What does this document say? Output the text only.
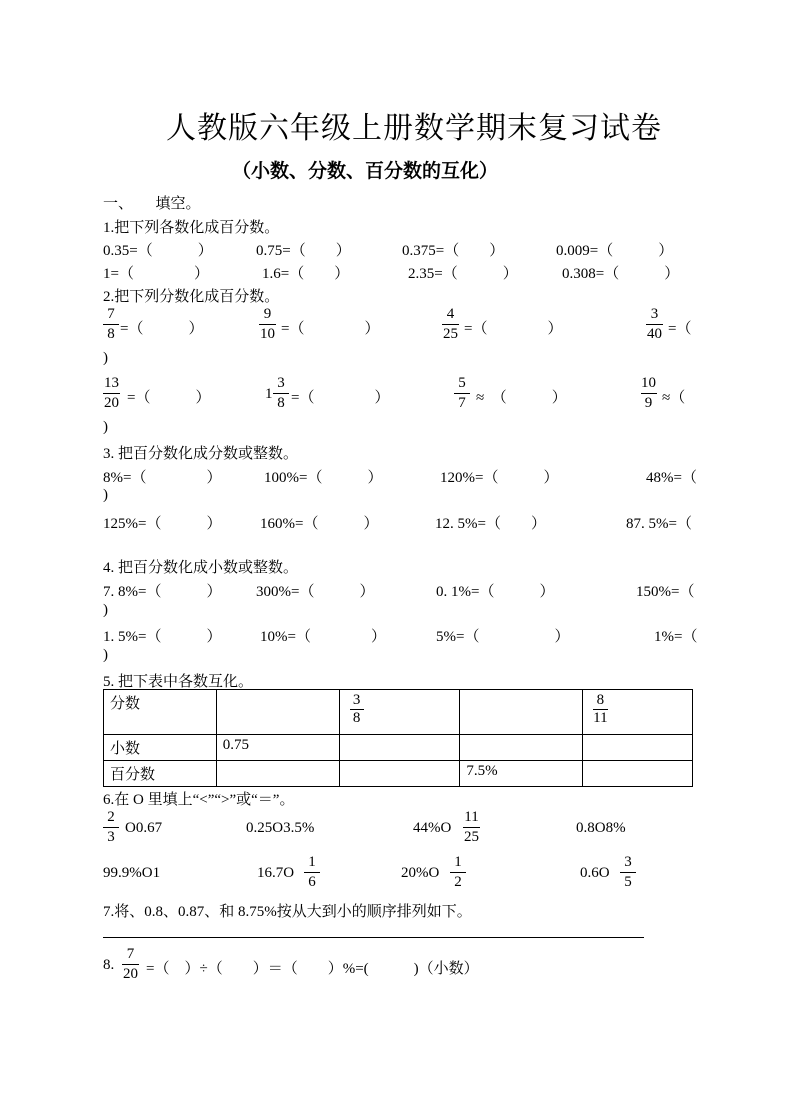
人教版六年级上册数学期末复习试卷
（小数、分数、百分数的互化）
一、　　填空。
1.把下列各数化成百分数。
0.35=（　　　）	0.75=（　　）	0.375=（　　）	0.009=（　　　）
1=（　　　　）	1.6=（　　）	2.35=（　　　）	0.308=（　　　）
2.把下列分数化成百分数。
$\frac{7}{8}$ =（　　　）	$\frac{9}{10}$ =（　　　　）	$\frac{4}{25}$ =（　　　　）	$\frac{3}{40}$ =（
)
$\frac{13}{20}$ =（　　　）	$1 \frac{3}{8}$ =（　　　　）	$\frac{5}{7}$ ≈　（　　　）	$\frac{10}{9}$ ≈（
)
3. 把百分数化成分数或整数。
8%=（　　　　）	100%=（　　　）	120%=（　　　）	48%=（
)
125%=（　　　）	160%=（　　　）	12. 5%=（　　）	87. 5%=（
4. 把百分数化成小数或整数。
7. 8%=（　　　） 300%=（　　　）	0. 1%=（　　　）	150%=（
)
1. 5%=（　　　）	10%=（　　　　）	5%=（　　　　　）	1%=（
)
5. 把下表中各数互化。
分数		$\frac{3}{8}$		$\frac{8}{11}$

小数	0.75			
百分数			7.5%	
6.在 O 里填上“<”“>”或“＝”。
$\frac{2}{3} O0.67$	0.25O3.5%	$44\%O \frac{11}{25}$	0.8O8%
99.9%O1	$16.7O \frac{1}{6}$	$20\%O \frac{1}{2}$	$0.6O \frac{3}{5}$
7.将、0.8、0.87、和 8.75%按从大到小的顺序排列如下。
8. $\frac{7}{20}$ =（　）÷（　　）＝（　　）%=(　　　)（小数）
